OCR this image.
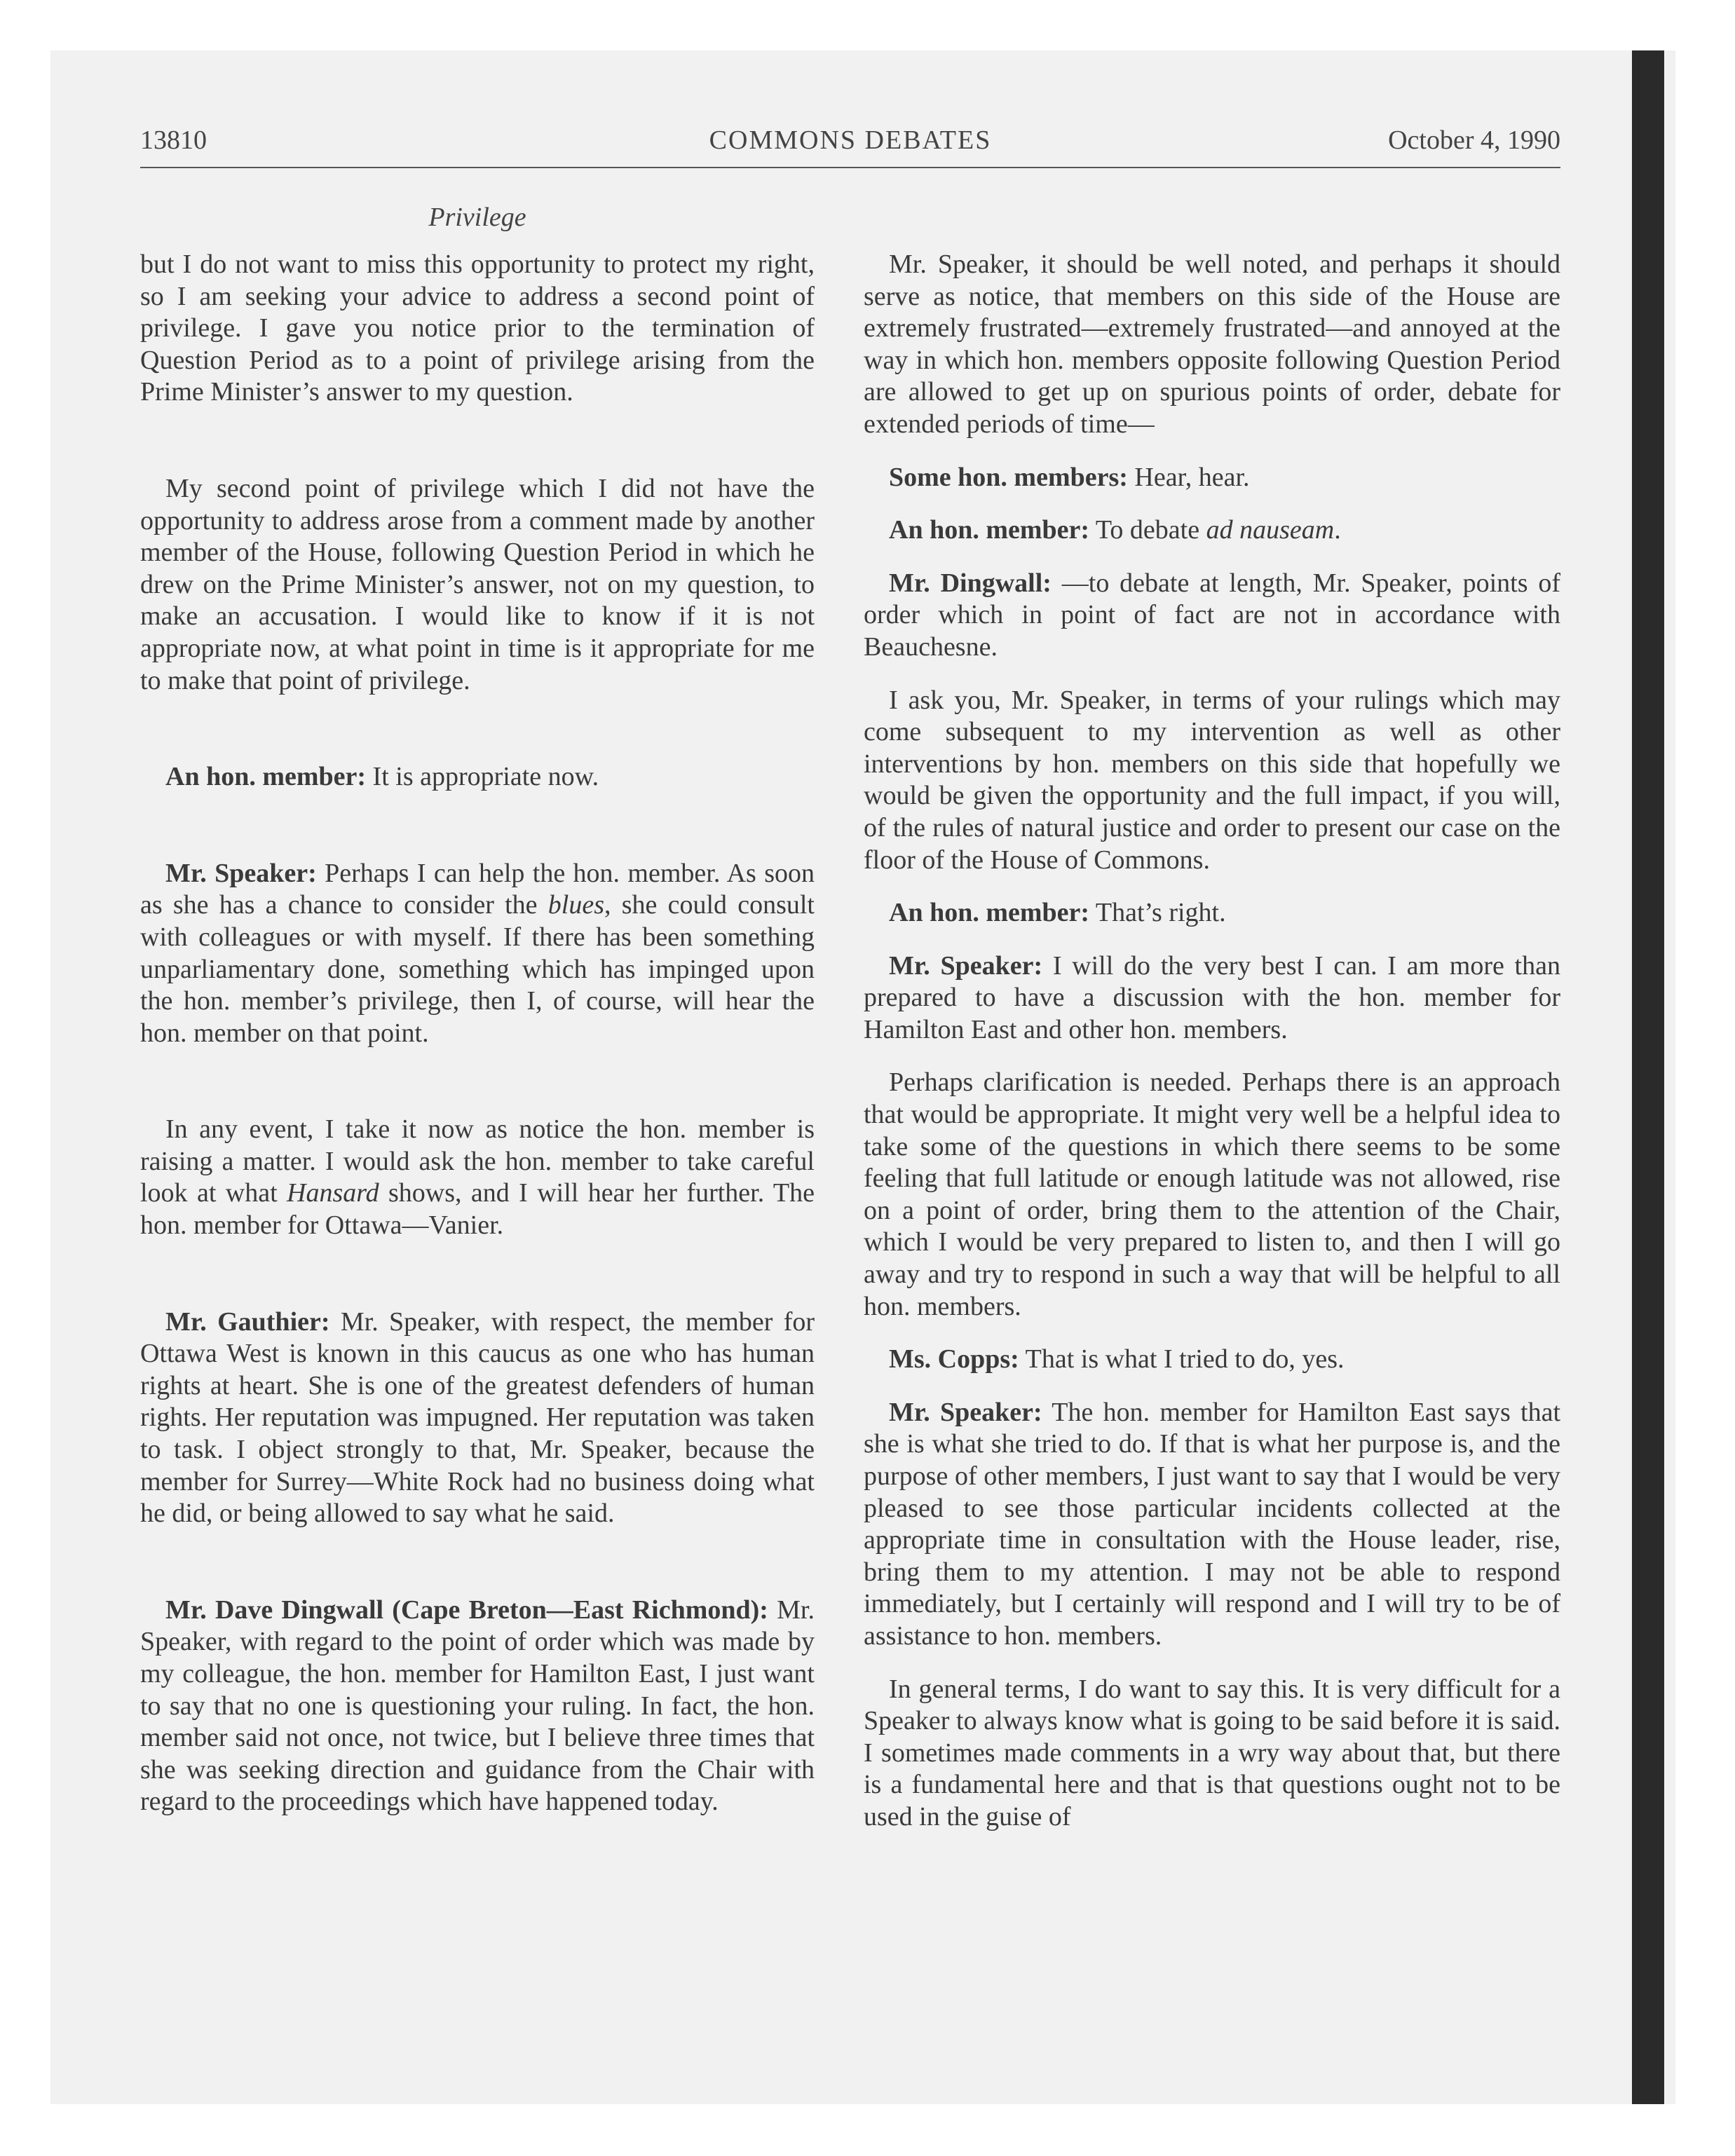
13810	COMMONS DEBATES	October 4, 1990
Privilege

but I do not want to miss this opportunity to protect my right, so I am seeking your advice to address a second point of privilege. I gave you notice prior to the termination of Question Period as to a point of privilege arising from the Prime Minister’s answer to my question.

My second point of privilege which I did not have the opportunity to address arose from a comment made by another member of the House, following Question Period in which he drew on the Prime Minister’s answer, not on my question, to make an accusation. I would like to know if it is not appropriate now, at what point in time is it appropriate for me to make that point of privilege.

An hon. member: It is appropriate now.

Mr. Speaker: Perhaps I can help the hon. member. As soon as she has a chance to consider the blues, she could consult with colleagues or with myself. If there has been something unparliamentary done, something which has impinged upon the hon. member’s privilege, then I, of course, will hear the hon. member on that point.

In any event, I take it now as notice the hon. member is raising a matter. I would ask the hon. member to take careful look at what Hansard shows, and I will hear her further. The hon. member for Ottawa—Vanier.

Mr. Gauthier: Mr. Speaker, with respect, the member for Ottawa West is known in this caucus as one who has human rights at heart. She is one of the greatest defenders of human rights. Her reputation was impugned. Her reputation was taken to task. I object strongly to that, Mr. Speaker, because the member for Surrey—White Rock had no business doing what he did, or being allowed to say what he said.

Mr. Dave Dingwall (Cape Breton—East Richmond): Mr. Speaker, with regard to the point of order which was made by my colleague, the hon. member for Hamilton East, I just want to say that no one is questioning your ruling. In fact, the hon. member said not once, not twice, but I believe three times that she was seeking direction and guidance from the Chair with regard to the proceedings which have happened today.

Mr. Speaker, it should be well noted, and perhaps it should serve as notice, that members on this side of the House are extremely frustrated—extremely frustrated—and annoyed at the way in which hon. members opposite following Question Period are allowed to get up on spurious points of order, debate for extended periods of time—

Some hon. members: Hear, hear.

An hon. member: To debate ad nauseam.

Mr. Dingwall: —to debate at length, Mr. Speaker, points of order which in point of fact are not in accordance with Beauchesne.

I ask you, Mr. Speaker, in terms of your rulings which may come subsequent to my intervention as well as other interventions by hon. members on this side that hopefully we would be given the opportunity and the full impact, if you will, of the rules of natural justice and order to present our case on the floor of the House of Commons.

An hon. member: That’s right.

Mr. Speaker: I will do the very best I can. I am more than prepared to have a discussion with the hon. member for Hamilton East and other hon. members.

Perhaps clarification is needed. Perhaps there is an approach that would be appropriate. It might very well be a helpful idea to take some of the questions in which there seems to be some feeling that full latitude or enough latitude was not allowed, rise on a point of order, bring them to the attention of the Chair, which I would be very prepared to listen to, and then I will go away and try to respond in such a way that will be helpful to all hon. members.

Ms. Copps: That is what I tried to do, yes.

Mr. Speaker: The hon. member for Hamilton East says that she is what she tried to do. If that is what her purpose is, and the purpose of other members, I just want to say that I would be very pleased to see those particular incidents collected at the appropriate time in consultation with the House leader, rise, bring them to my attention. I may not be able to respond immediately, but I certainly will respond and I will try to be of assistance to hon. members.

In general terms, I do want to say this. It is very difficult for a Speaker to always know what is going to be said before it is said. I sometimes made comments in a wry way about that, but there is a fundamental here and that is that questions ought not to be used in the guise of
